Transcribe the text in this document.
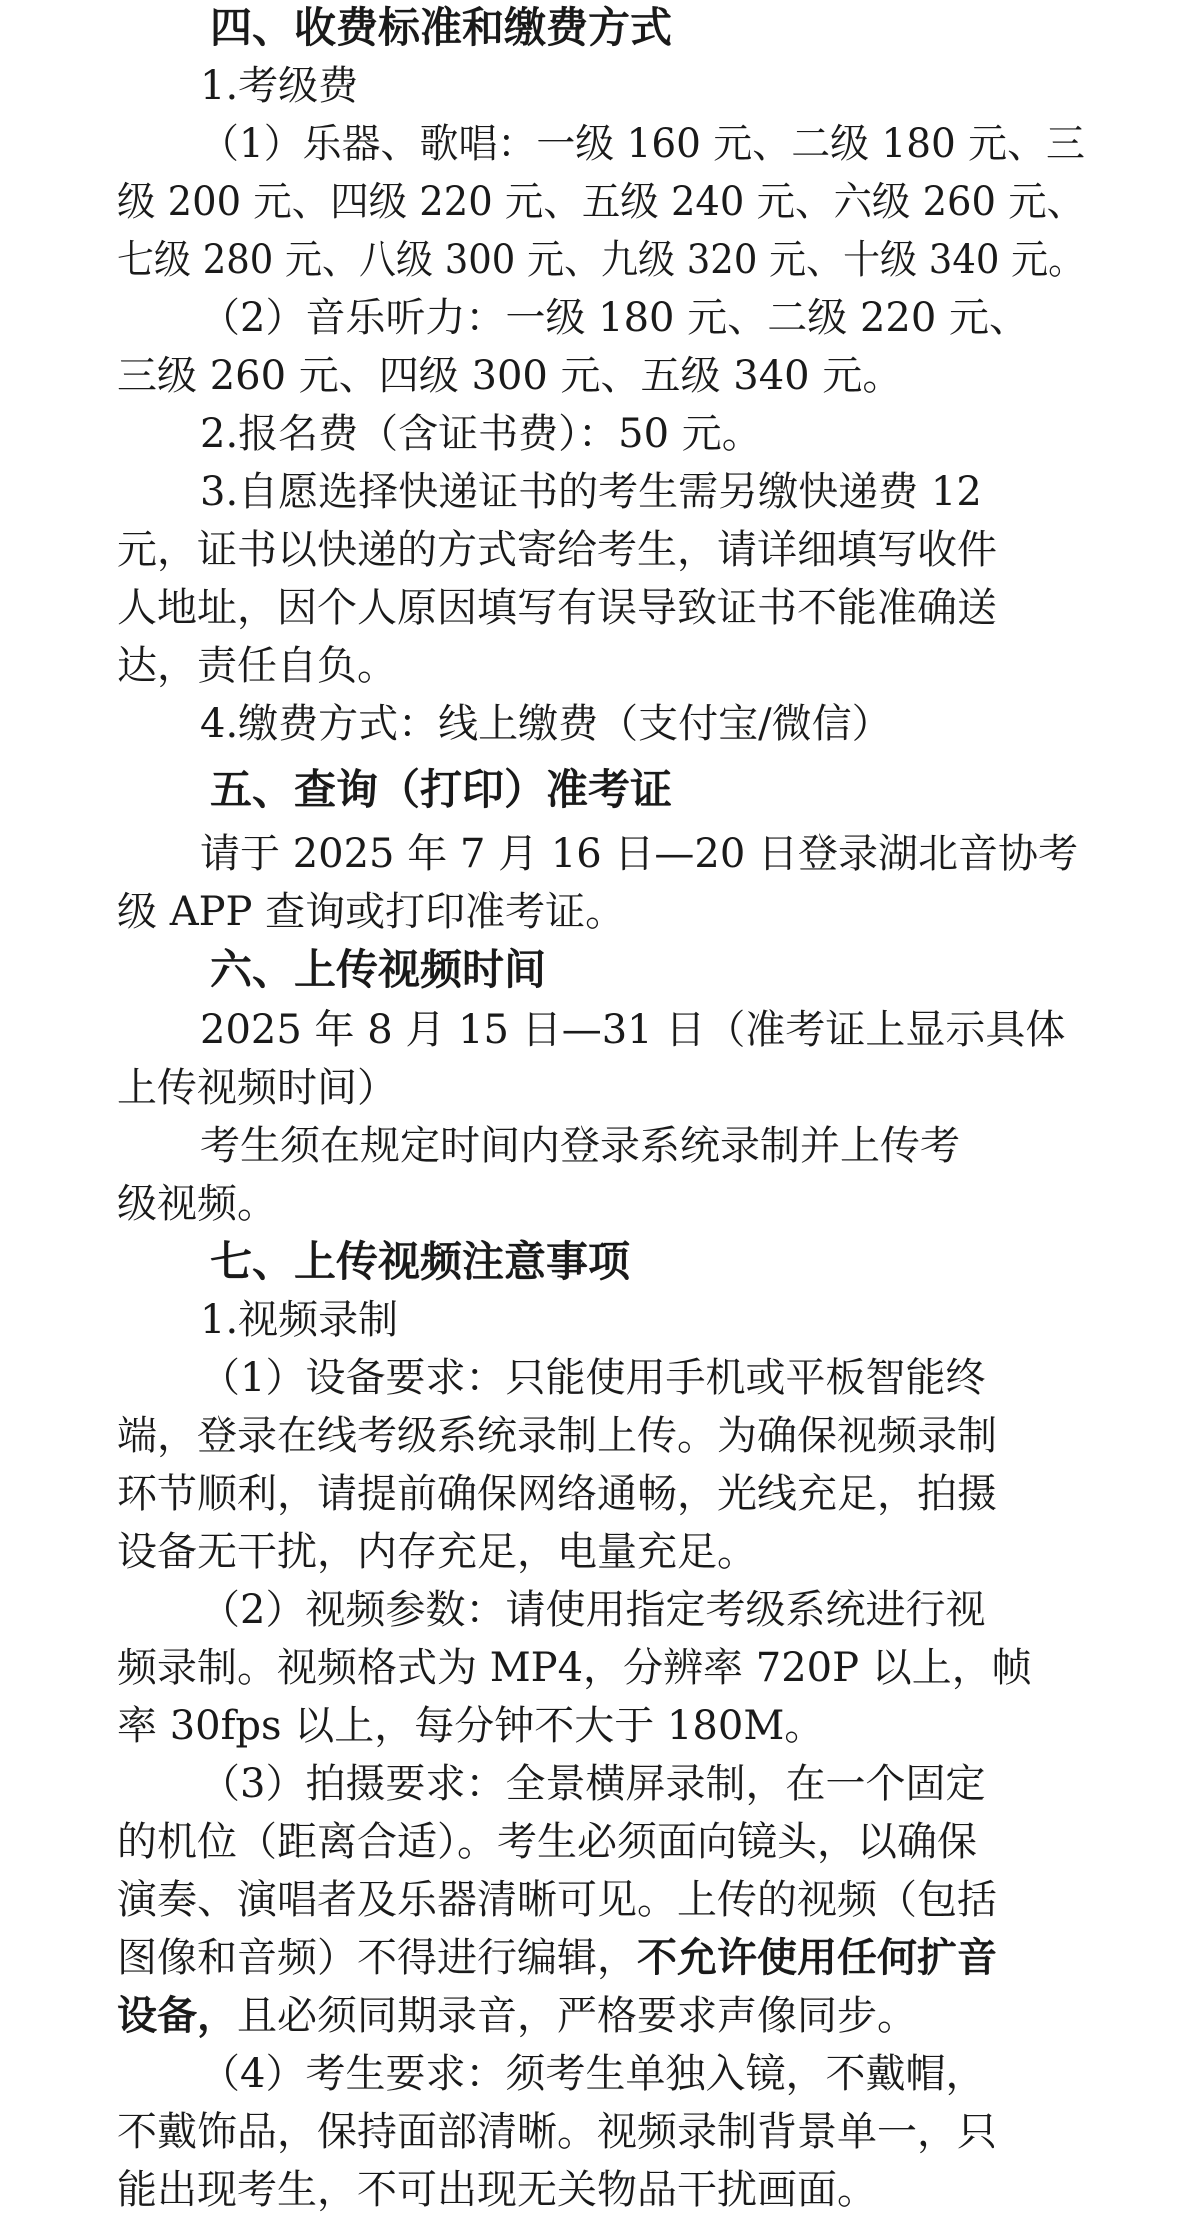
四、收费标准和缴费方式
1.考级费
（1）乐器、歌唱：一级 160 元、二级 180 元、三
级 200 元、四级 220 元、五级 240 元、六级 260 元、
七级 280 元、八级 300 元、九级 320 元、十级 340 元。
（2）音乐听力：一级 180 元、二级 220 元、
三级 260 元、四级 300 元、五级 340 元。
2.报名费（含证书费）：50 元。
3.自愿选择快递证书的考生需另缴快递费 12
元，证书以快递的方式寄给考生，请详细填写收件
人地址，因个人原因填写有误导致证书不能准确送
达，责任自负。
4.缴费方式：线上缴费（支付宝/微信）
五、查询（打印）准考证
请于 2025 年 7 月 16 日—20 日登录湖北音协考
级 APP 查询或打印准考证。
六、上传视频时间
2025 年 8 月 15 日—31 日（准考证上显示具体
上传视频时间）
考生须在规定时间内登录系统录制并上传考
级视频。
七、上传视频注意事项
1.视频录制
（1）设备要求：只能使用手机或平板智能终
端，登录在线考级系统录制上传。为确保视频录制
环节顺利，请提前确保网络通畅，光线充足，拍摄
设备无干扰，内存充足，电量充足。
（2）视频参数：请使用指定考级系统进行视
频录制。视频格式为 MP4，分辨率 720P 以上，帧
率 30fps 以上，每分钟不大于 180M。
（3）拍摄要求：全景横屏录制，在一个固定
的机位（距离合适）。考生必须面向镜头，以确保
演奏、演唱者及乐器清晰可见。上传的视频（包括
图像和音频）不得进行编辑，不允许使用任何扩音
设备，且必须同期录音，严格要求声像同步。
（4）考生要求：须考生单独入镜，不戴帽，
不戴饰品，保持面部清晰。视频录制背景单一，只
能出现考生，不可出现无关物品干扰画面。
